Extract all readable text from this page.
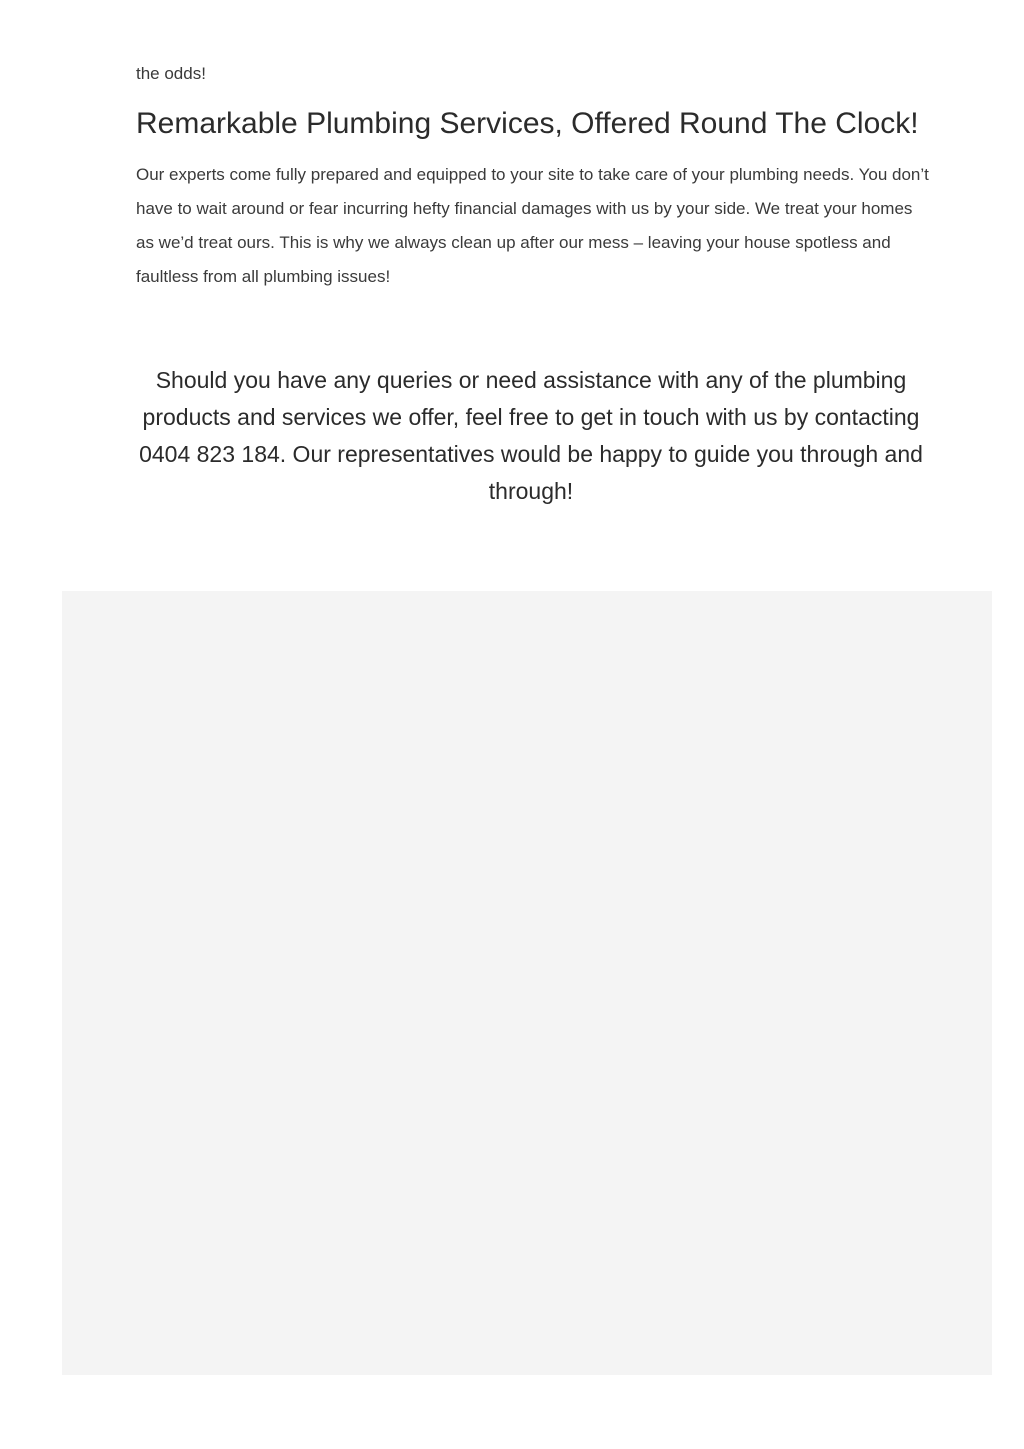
the odds!

Remarkable Plumbing Services, Offered Round The Clock!

Our experts come fully prepared and equipped to your site to take care of your plumbing needs. You don’t have to wait around or fear incurring hefty financial damages with us by your side. We treat your homes as we’d treat ours. This is why we always clean up after our mess – leaving your house spotless and faultless from all plumbing issues!

Should you have any queries or need assistance with any of the plumbing products and services we offer, feel free to get in touch with us by contacting 0404 823 184. Our representatives would be happy to guide you through and through!
